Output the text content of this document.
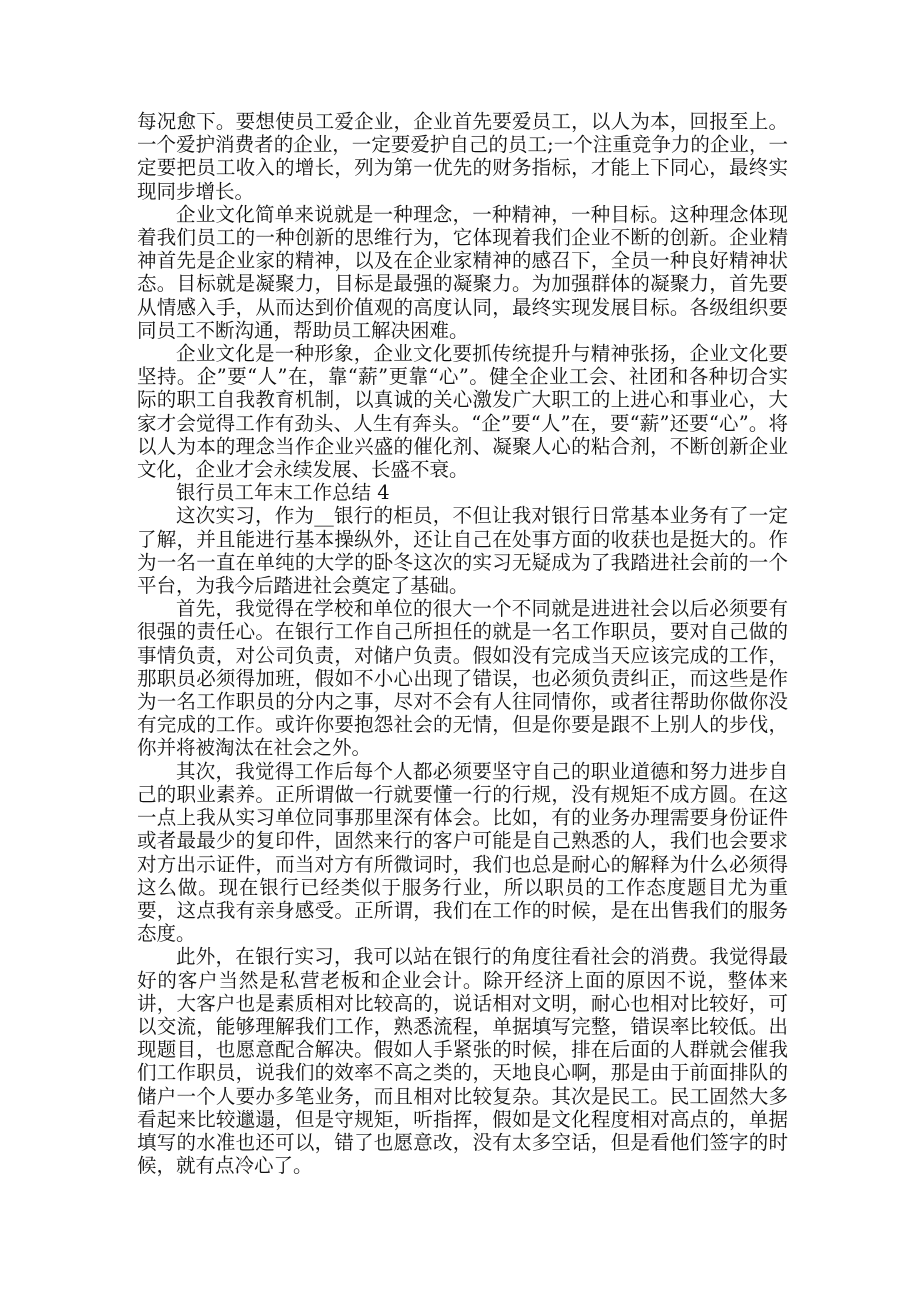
每况愈下。要想使员工爱企业，企业首先要爱员工，以人为本，回报至上。一个爱护消费者的企业，一定要爱护自己的员工;一个注重竞争力的企业，一定要把员工收入的增长，列为第一优先的财务指标，才能上下同心，最终实现同步增长。

企业文化简单来说就是一种理念，一种精神，一种目标。这种理念体现着我们员工的一种创新的思维行为，它体现着我们企业不断的创新。企业精神首先是企业家的精神，以及在企业家精神的感召下，全员一种良好精神状态。目标就是凝聚力，目标是最强的凝聚力。为加强群体的凝聚力，首先要从情感入手，从而达到价值观的高度认同，最终实现发展目标。各级组织要同员工不断沟通，帮助员工解决困难。

企业文化是一种形象，企业文化要抓传统提升与精神张扬，企业文化要坚持。企”要“人”在，靠“薪”更靠“心”。健全企业工会、社团和各种切合实际的职工自我教育机制，以真诚的关心激发广大职工的上进心和事业心，大家才会觉得工作有劲头、人生有奔头。“企”要“人”在，要“薪”还要“心”。将以人为本的理念当作企业兴盛的催化剂、凝聚人心的粘合剂，不断创新企业文化，企业才会永续发展、长盛不衰。

银行员工年末工作总结 4

这次实习，作为__银行的柜员，不但让我对银行日常基本业务有了一定了解，并且能进行基本操纵外，还让自己在处事方面的收获也是挺大的。作为一名一直在单纯的大学的卧冬这次的实习无疑成为了我踏进社会前的一个平台，为我今后踏进社会奠定了基础。

首先，我觉得在学校和单位的很大一个不同就是进进社会以后必须要有很强的责任心。在银行工作自己所担任的就是一名工作职员，要对自己做的事情负责，对公司负责，对储户负责。假如没有完成当天应该完成的工作，那职员必须得加班，假如不小心出现了错误，也必须负责纠正，而这些是作为一名工作职员的分内之事，尽对不会有人往同情你，或者往帮助你做你没有完成的工作。或许你要抱怨社会的无情，但是你要是跟不上别人的步伐，你并将被淘汰在社会之外。

其次，我觉得工作后每个人都必须要坚守自己的职业道德和努力进步自己的职业素养。正所谓做一行就要懂一行的行规，没有规矩不成方圆。在这一点上我从实习单位同事那里深有体会。比如，有的业务办理需要身份证件或者最最少的复印件，固然来行的客户可能是自己熟悉的人，我们也会要求对方出示证件，而当对方有所微词时，我们也总是耐心的解释为什么必须得这么做。现在银行已经类似于服务行业，所以职员的工作态度题目尤为重要，这点我有亲身感受。正所谓，我们在工作的时候，是在出售我们的服务态度。

此外，在银行实习，我可以站在银行的角度往看社会的消费。我觉得最好的客户当然是私营老板和企业会计。除开经济上面的原因不说，整体来讲，大客户也是素质相对比较高的，说话相对文明，耐心也相对比较好，可以交流，能够理解我们工作，熟悉流程，单据填写完整，错误率比较低。出现题目，也愿意配合解决。假如人手紧张的时候，排在后面的人群就会催我们工作职员，说我们的效率不高之类的，天地良心啊，那是由于前面排队的储户一个人要办多笔业务，而且相对比较复杂。其次是民工。民工固然大多看起来比较邋遢，但是守规矩，听指挥，假如是文化程度相对高点的，单据填写的水准也还可以，错了也愿意改，没有太多空话，但是看他们签字的时候，就有点冷心了。
